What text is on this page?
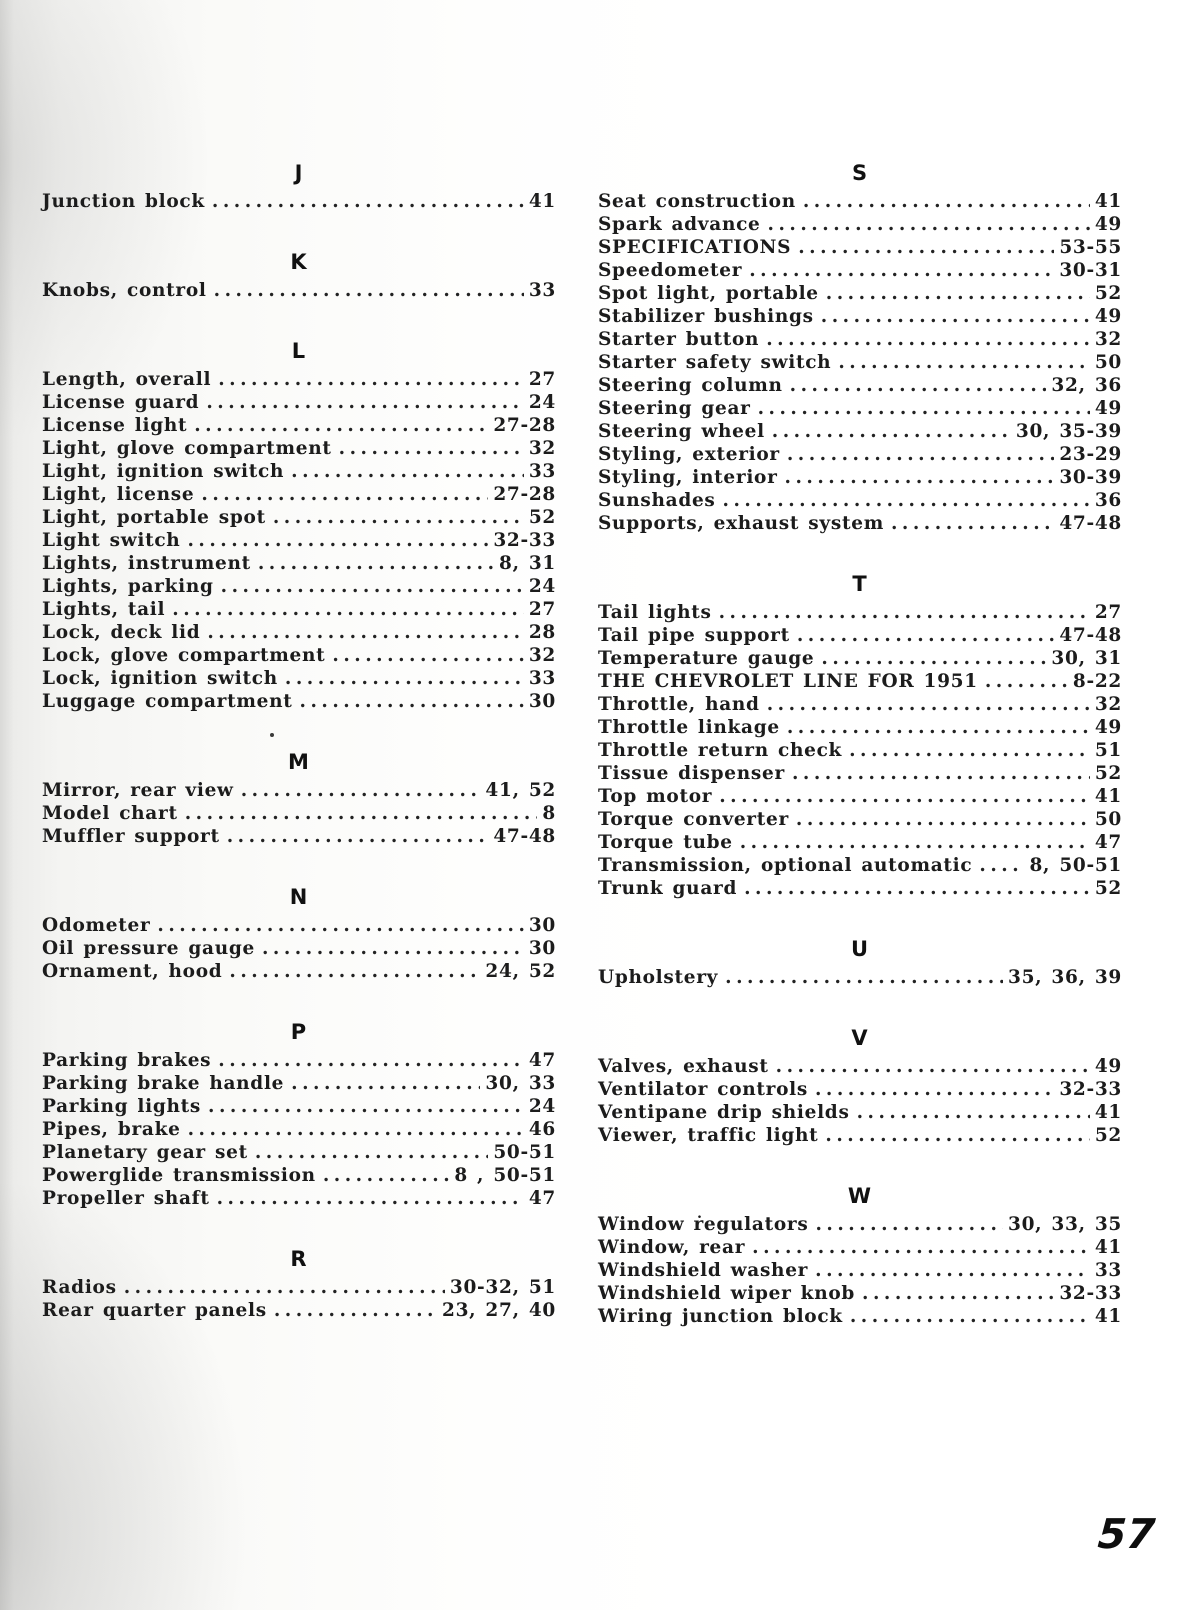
J
Junction block .....	41
K
Knobs, control .....	33
L
Length, overall .....	27
License guard .....	24
License light .....	27-28
Light, glove compartment .....	32
Light, ignition switch .....	33
Light, license .....	27-28
Light, portable spot .....	52
Light switch .....	32-33
Lights, instrument .....	8, 31
Lights, parking .....	24
Lights, tail .....	27
Lock, deck lid .....	28
Lock, glove compartment .....	32
Lock, ignition switch .....	33
Luggage compartment .....	30
M
Mirror, rear view .....	41, 52
Model chart .....	8
Muffler support .....	47-48
N
Odometer .....	30
Oil pressure gauge .....	30
Ornament, hood .....	24, 52
P
Parking brakes .....	47
Parking brake handle .....	30, 33
Parking lights .....	24
Pipes, brake .....	46
Planetary gear set .....	50-51
Powerglide transmission .....	8 , 50-51
Propeller shaft .....	47
R
Radios .....	30-32, 51
Rear quarter panels .....	23, 27, 40
S
Seat construction .....	41
Spark advance .....	49
SPECIFICATIONS .....	53-55
Speedometer .....	30-31
Spot light, portable .....	52
Stabilizer bushings .....	49
Starter button .....	32
Starter safety switch .....	50
Steering column .....	32, 36
Steering gear .....	49
Steering wheel .....	30, 35-39
Styling, exterior .....	23-29
Styling, interior .....	30-39
Sunshades .....	36
Supports, exhaust system .....	47-48
T
Tail lights .....	27
Tail pipe support .....	47-48
Temperature gauge .....	30, 31
THE CHEVROLET LINE FOR 1951 .....	8-22
Throttle, hand .....	32
Throttle linkage .....	49
Throttle return check .....	51
Tissue dispenser .....	52
Top motor .....	41
Torque converter .....	50
Torque tube .....	47
Transmission, optional automatic .....	8, 50-51
Trunk guard .....	52
U
Upholstery .....	35, 36, 39
V
Valves, exhaust .....	49
Ventilator controls .....	32-33
Ventipane drip shields .....	41
Viewer, traffic light .....	52
W
Window ṙegulators .....	30, 33, 35
Window, rear .....	41
Windshield washer .....	33
Windshield wiper knob .....	32-33
Wiring junction block .....	41
57
